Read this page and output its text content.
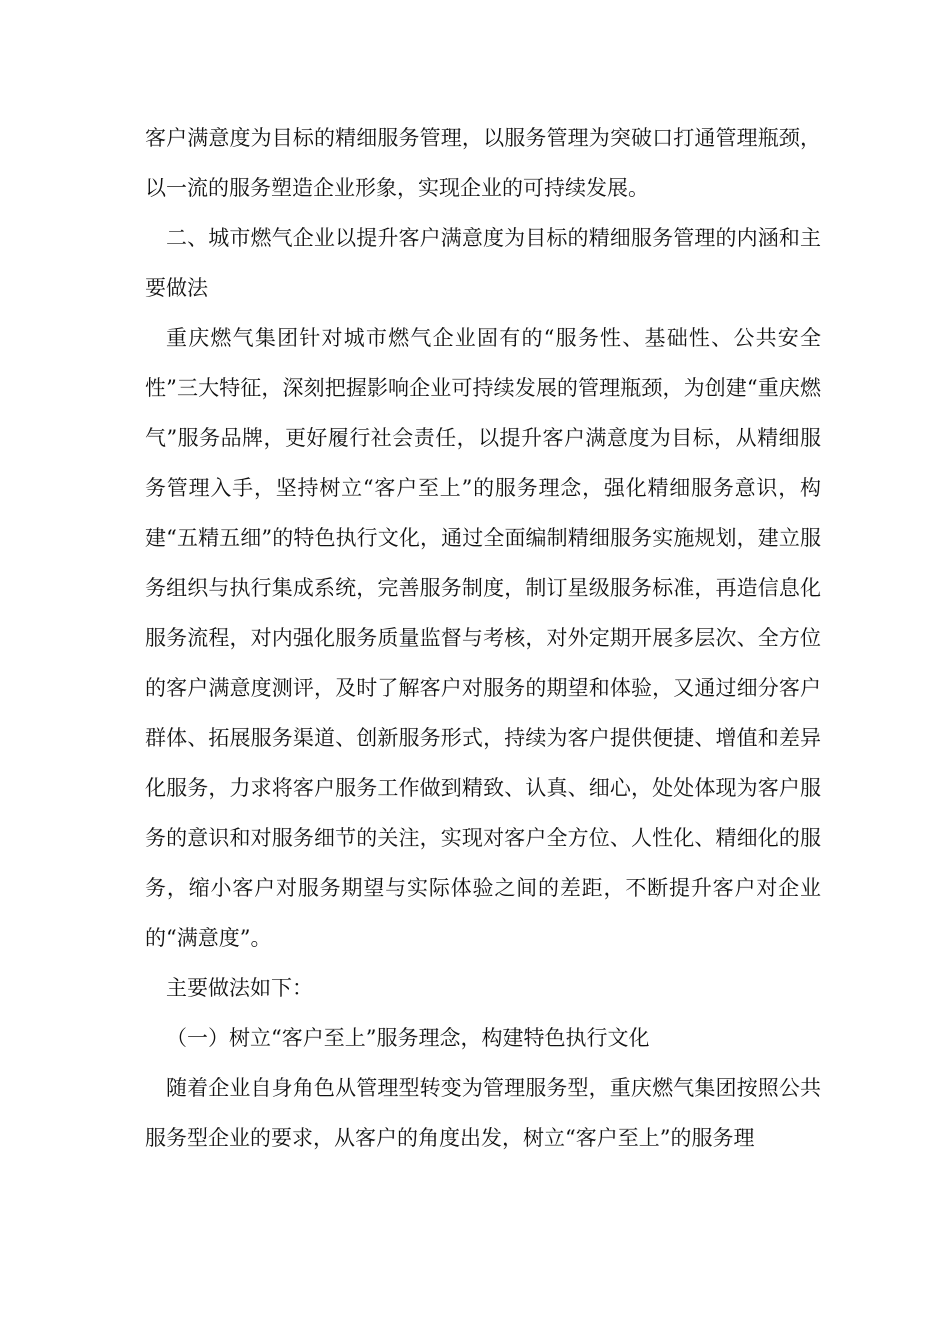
客户满意度为目标的精细服务管理，以服务管理为突破口打通管理瓶颈，以一流的服务塑造企业形象，实现企业的可持续发展。

二、城市燃气企业以提升客户满意度为目标的精细服务管理的内涵和主要做法

重庆燃气集团针对城市燃气企业固有的“服务性、基础性、公共安全性”三大特征，深刻把握影响企业可持续发展的管理瓶颈，为创建“重庆燃气”服务品牌，更好履行社会责任，以提升客户满意度为目标，从精细服务管理入手，坚持树立“客户至上”的服务理念，强化精细服务意识，构建“五精五细”的特色执行文化，通过全面编制精细服务实施规划，建立服务组织与执行集成系统，完善服务制度，制订星级服务标准，再造信息化服务流程，对内强化服务质量监督与考核，对外定期开展多层次、全方位的客户满意度测评，及时了解客户对服务的期望和体验，又通过细分客户群体、拓展服务渠道、创新服务形式，持续为客户提供便捷、增值和差异化服务，力求将客户服务工作做到精致、认真、细心，处处体现为客户服务的意识和对服务细节的关注，实现对客户全方位、人性化、精细化的服务，缩小客户对服务期望与实际体验之间的差距，不断提升客户对企业的“满意度”。

主要做法如下：

（一）树立“客户至上”服务理念，构建特色执行文化

随着企业自身角色从管理型转变为管理服务型，重庆燃气集团按照公共服务型企业的要求，从客户的角度出发，树立“客户至上”的服务理
